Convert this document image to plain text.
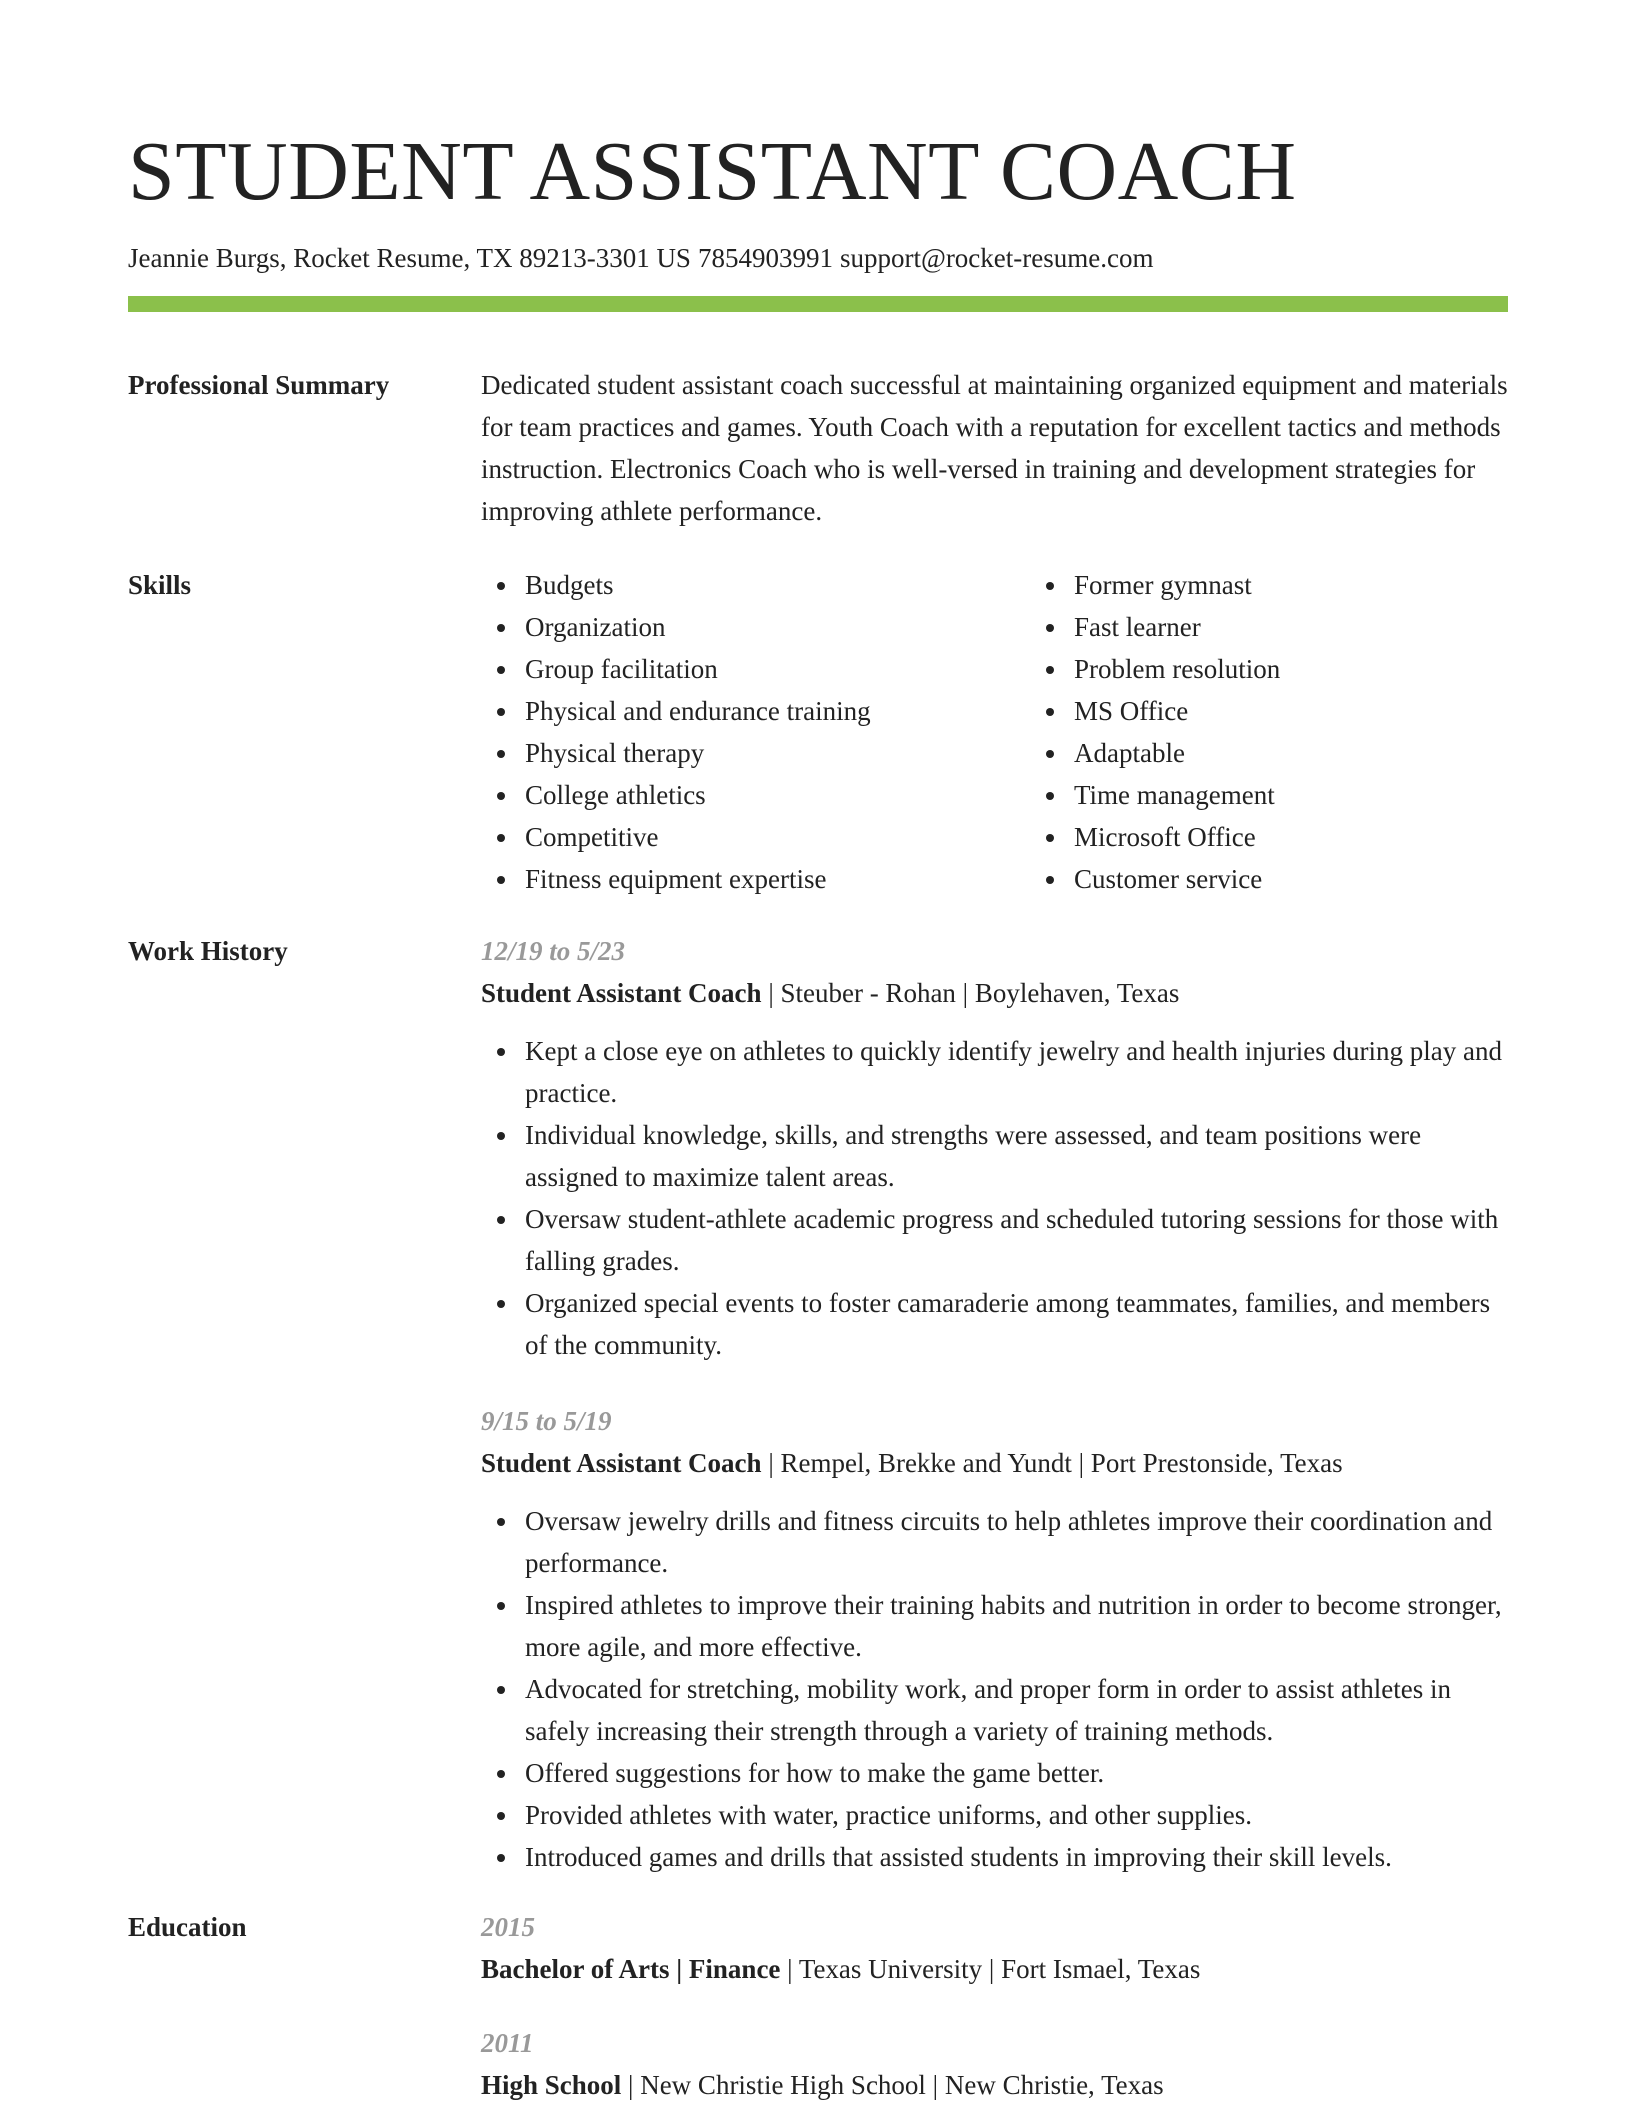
STUDENT ASSISTANT COACH
Jeannie Burgs, Rocket Resume, TX 89213-3301 US 7854903991 support@rocket-resume.com
Professional Summary	Dedicated student assistant coach successful at maintaining organized equipment and materials for team practices and games. Youth Coach with a reputation for excellent tactics and methods instruction. Electronics Coach who is well-versed in training and development strategies for improving athlete performance.
Skills	Budgets
Organization
Group facilitation
Physical and endurance training
Physical therapy
College athletics
Competitive
Fitness equipment expertise
Former gymnast
Fast learner
Problem resolution
MS Office
Adaptable
Time management
Microsoft Office
Customer service
Work History	12/19 to 5/23
Student Assistant Coach | Steuber - Rohan | Boylehaven, Texas
Kept a close eye on athletes to quickly identify jewelry and health injuries during play and practice.
Individual knowledge, skills, and strengths were assessed, and team positions were assigned to maximize talent areas.
Oversaw student-athlete academic progress and scheduled tutoring sessions for those with falling grades.
Organized special events to foster camaraderie among teammates, families, and members of the community.
9/15 to 5/19
Student Assistant Coach | Rempel, Brekke and Yundt | Port Prestonside, Texas
Oversaw jewelry drills and fitness circuits to help athletes improve their coordination and performance.
Inspired athletes to improve their training habits and nutrition in order to become stronger, more agile, and more effective.
Advocated for stretching, mobility work, and proper form in order to assist athletes in safely increasing their strength through a variety of training methods.
Offered suggestions for how to make the game better.
Provided athletes with water, practice uniforms, and other supplies.
Introduced games and drills that assisted students in improving their skill levels.
Education	2015
Bachelor of Arts | Finance | Texas University | Fort Ismael, Texas
2011
High School | New Christie High School | New Christie, Texas
